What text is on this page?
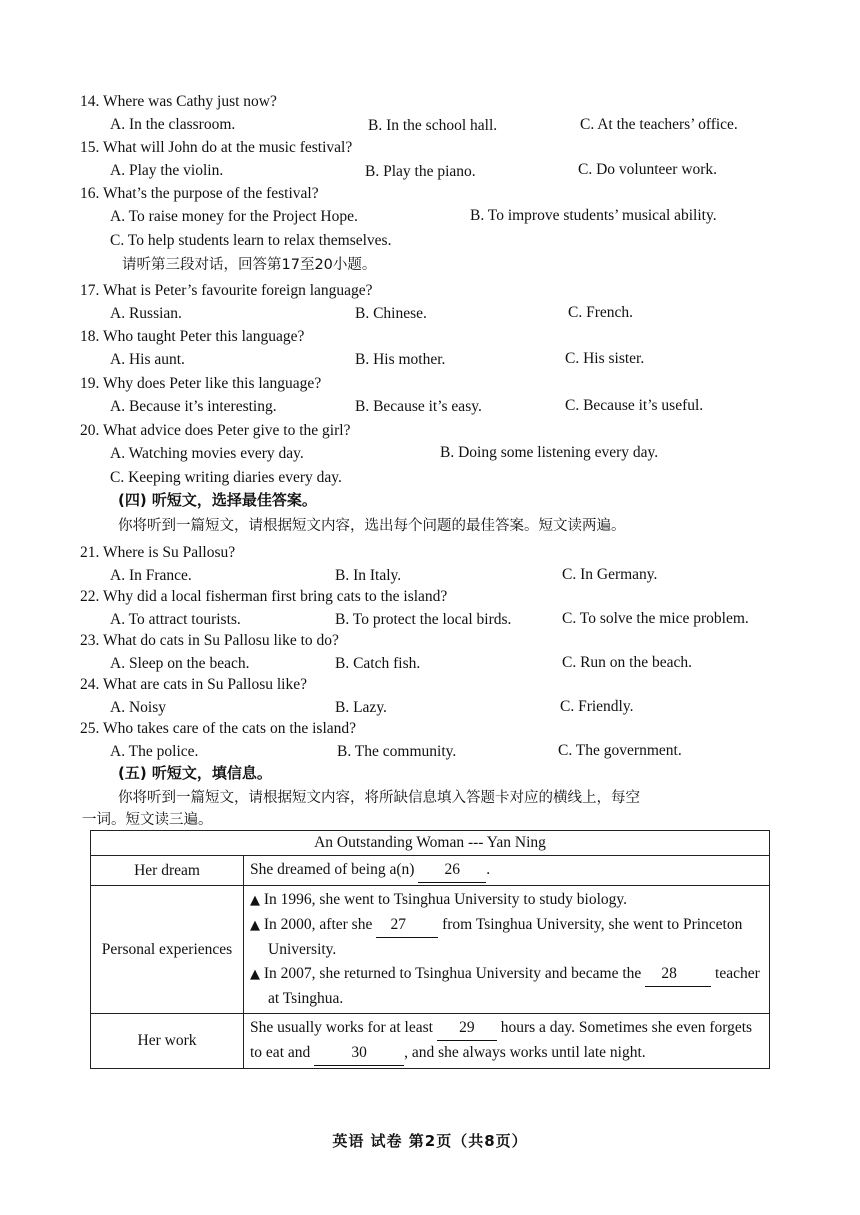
14. Where was Cathy just now?
A. In the classroom.	B. In the school hall.	C. At the teachers’ office.
15. What will John do at the music festival?
A. Play the violin.	B. Play the piano.	C. Do volunteer work.
16. What’s the purpose of the festival?
A. To raise money for the Project Hope.	B. To improve students’ musical ability.
C. To help students learn to relax themselves.
请听第三段对话，回答第17至20小题。
17. What is Peter’s favourite foreign language?
A. Russian.	B. Chinese.	C. French.
18. Who taught Peter this language?
A. His aunt.	B. His mother.	C. His sister.
19. Why does Peter like this language?
A. Because it’s interesting.	B. Because it’s easy.	C. Because it’s useful.
20. What advice does Peter give to the girl?
A. Watching movies every day.	B. Doing some listening every day.
C. Keeping writing diaries every day.
(四) 听短文，选择最佳答案。
你将听到一篇短文，请根据短文内容，选出每个问题的最佳答案。短文读两遍。
21. Where is Su Pallosu?
A. In France.	B. In Italy.	C. In Germany.
22. Why did a local fisherman first bring cats to the island?
A. To attract tourists.	B. To protect the local birds.	C. To solve the mice problem.
23. What do cats in Su Pallosu like to do?
A. Sleep on the beach.	B. Catch fish.	C. Run on the beach.
24. What are cats in Su Pallosu like?
A. Noisy	B. Lazy.	C. Friendly.
25. Who takes care of the cats on the island?
A. The police.	B. The community.	C. The government.
(五) 听短文，填信息。
你将听到一篇短文，请根据短文内容，将所缺信息填入答题卡对应的横线上，每空
一词。短文读三遍。
An Outstanding Woman --- Yan Ning	
Her dream	She dreamed of being a(n) 26 .
Personal experiences	▲ In 1996, she went to Tsinghua University to study biology.
▲ In 2000, after she 27 from Tsinghua University, she went to Princeton University.
▲ In 2007, she returned to Tsinghua University and became the 28 teacher at Tsinghua.

Her work	She usually works for at least 29 hours a day. Sometimes she even forgets to eat and 30 , and she always works until late night.
英语 试卷 第2页（共8页）
